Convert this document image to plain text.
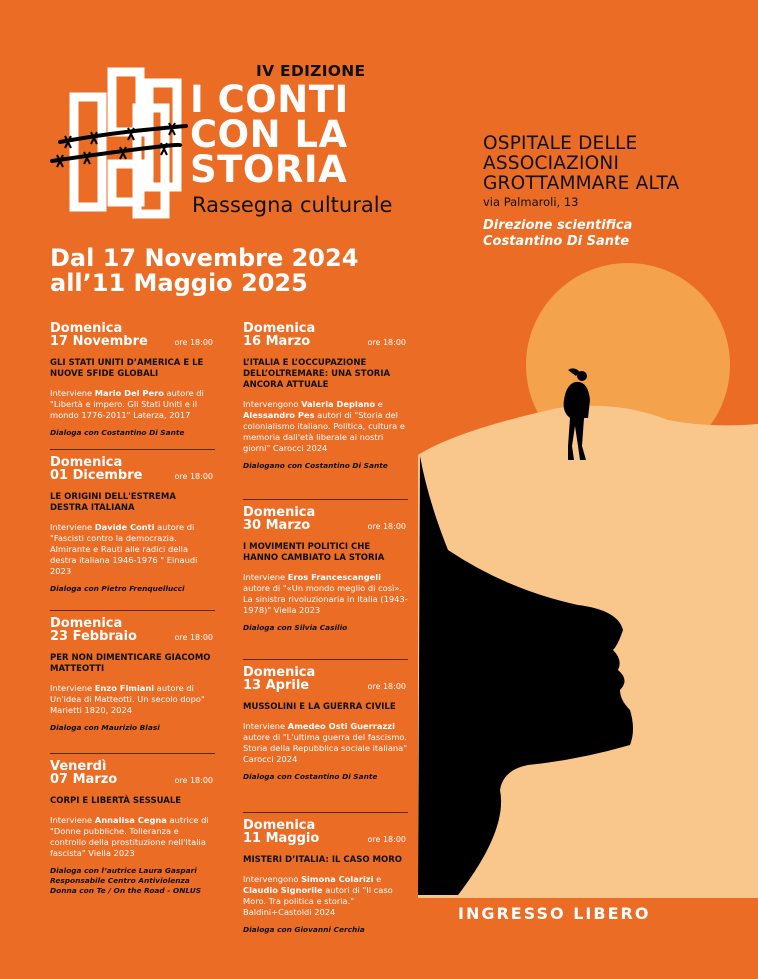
IV EDIZIONE
I CONTI
CON LA
STORIA
Rassegna culturale
OSPITALE DELLE
ASSOCIAZIONI
GROTTAMMARE ALTA
via Palmaroli, 13
Direzione scientifica
Costantino Di Sante
Dal 17 Novembre 2024
all’11 Maggio 2025
Domenica
17 Novembre	ore 18:00
GLI STATI UNITI D’AMERICA E LE NUOVE SFIDE GLOBALI
Interviene Mario Del Pero autore di "Libertà e impero. Gli Stati Uniti e il mondo 1776-2011" Laterza, 2017
Dialoga con Costantino Di Sante
Domenica
01 Dicembre	ore 18:00
LE ORIGINI DELL'ESTREMA DESTRA ITALIANA
Interviene Davide Conti autore di "Fascisti contro la democrazia. Almirante e Rauti alle radici della destra italiana 1946-1976 " Einaudi 2023
Dialoga con Pietro Frenquellucci
Domenica
23 Febbraio	ore 18:00
PER NON DIMENTICARE GIACOMO MATTEOTTI
Interviene Enzo Fimiani autore di Un'idea di Matteotti. Un secolo dopo" Marietti 1820, 2024
Dialoga con Maurizio Blasi
Venerdì
07 Marzo	ore 18:00
CORPI E LIBERTÀ SESSUALE
Interviene Annalisa Cegna autrice di "Donne pubbliche. Tolleranza e controllo della prostituzione nell'Italia fascista" Viella 2023
Dialoga con l’autrice Laura Gaspari Responsabile Centro Antiviolenza Donna con Te / On the Road - ONLUS
Domenica
16 Marzo	ore 18:00
L’ITALIA E L’OCCUPAZIONE DELL’OLTREMARE: UNA STORIA ANCORA ATTUALE
Intervengono Valeria Deplano e Alessandro Pes autori di "Storia del colonialismo italiano. Politica, cultura e memoria dall'età liberale ai nostri giorni" Carocci 2024
Dialogano con Costantino Di Sante
Domenica
30 Marzo	ore 18:00
I MOVIMENTI POLITICI CHE HANNO CAMBIATO LA STORIA
Interviene Eros Francescangeli autore di "«Un mondo meglio di così». La sinistra rivoluzionaria in Italia (1943-1978)" Viella 2023
Dialoga con Silvia Casilio
Domenica
13 Aprile	ore 18:00
MUSSOLINI E LA GUERRA CIVILE
Interviene Amedeo Osti Guerrazzi autore di "L'ultima guerra del fascismo. Storia della Repubblica sociale italiana" Carocci 2024
Dialoga con Costantino Di Sante
Domenica
11 Maggio	ore 18:00
MISTERI D’ITALIA: IL CASO MORO
Intervengono Simona Colarizi e Claudio Signorile autori di "Il caso Moro. Tra politica e storia." Baldini+Castoldi 2024
Dialoga con Giovanni Cerchia
INGRESSO LIBERO
